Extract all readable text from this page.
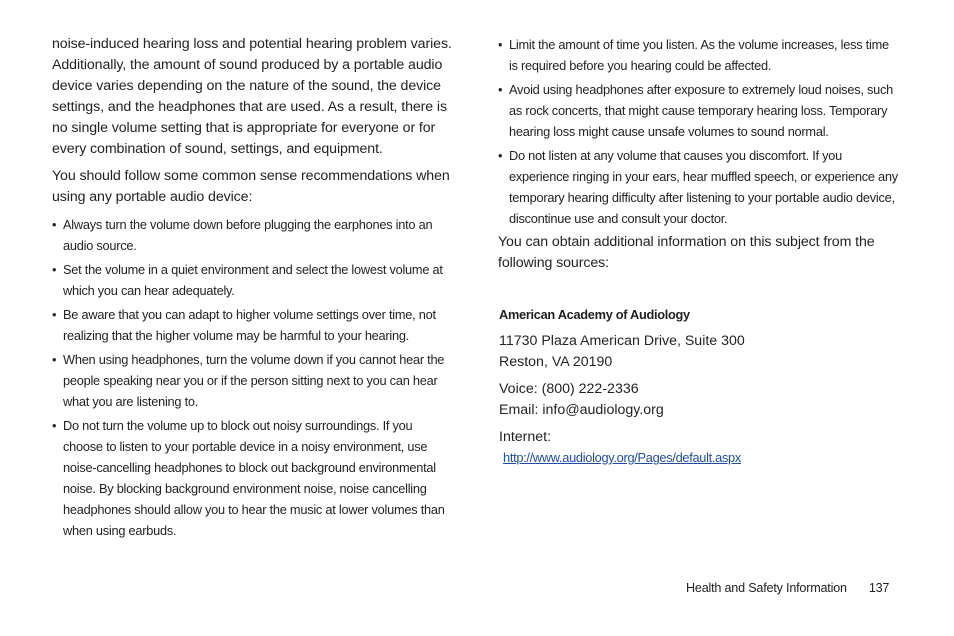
noise-induced hearing loss and potential hearing problem varies. Additionally, the amount of sound produced by a portable audio device varies depending on the nature of the sound, the device settings, and the headphones that are used. As a result, there is no single volume setting that is appropriate for everyone or for every combination of sound, settings, and equipment.

You should follow some common sense recommendations when using any portable audio device:

• Always turn the volume down before plugging the earphones into an audio source.
• Set the volume in a quiet environment and select the lowest volume at which you can hear adequately.
• Be aware that you can adapt to higher volume settings over time, not realizing that the higher volume may be harmful to your hearing.
• When using headphones, turn the volume down if you cannot hear the people speaking near you or if the person sitting next to you can hear what you are listening to.
• Do not turn the volume up to block out noisy surroundings. If you choose to listen to your portable device in a noisy environment, use noise-cancelling headphones to block out background environmental noise. By blocking background environment noise, noise cancelling headphones should allow you to hear the music at lower volumes than when using earbuds.
• Limit the amount of time you listen. As the volume increases, less time is required before you hearing could be affected.
• Avoid using headphones after exposure to extremely loud noises, such as rock concerts, that might cause temporary hearing loss. Temporary hearing loss might cause unsafe volumes to sound normal.
• Do not listen at any volume that causes you discomfort. If you experience ringing in your ears, hear muffled speech, or experience any temporary hearing difficulty after listening to your portable audio device, discontinue use and consult your doctor.

You can obtain additional information on this subject from the following sources:

American Academy of Audiology
11730 Plaza American Drive, Suite 300
Reston, VA 20190
Voice: (800) 222-2336
Email: info@audiology.org
Internet:
http://www.audiology.org/Pages/default.aspx
Health and Safety Information 137
